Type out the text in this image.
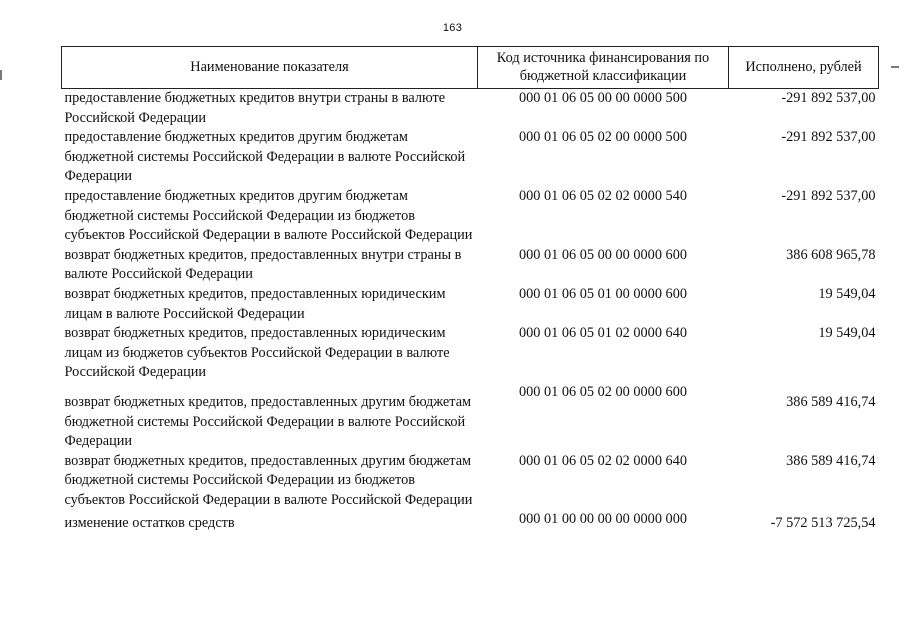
163
Наименование показателя	Код источника финансирования по бюджетной классификации	Исполнено, рублей
предоставление бюджетных кредитов внутри страны в валюте Российской Федерации	000 01 06 05 00 00 0000 500	-291 892 537,00
предоставление бюджетных кредитов другим бюджетам бюджетной системы Российской Федерации в валюте Российской Федерации	000 01 06 05 02 00 0000 500	-291 892 537,00
предоставление бюджетных кредитов другим бюджетам бюджетной системы Российской Федерации из бюджетов субъектов Российской Федерации в валюте Российской Федерации	000 01 06 05 02 02 0000 540	-291 892 537,00
возврат бюджетных кредитов, предоставленных внутри страны в валюте Российской Федерации	000 01 06 05 00 00 0000 600	386 608 965,78
возврат бюджетных кредитов, предоставленных юридическим лицам в валюте Российской Федерации	000 01 06 05 01 00 0000 600	19 549,04
возврат бюджетных кредитов, предоставленных юридическим лицам из бюджетов субъектов Российской Федерации в валюте Российской Федерации	000 01 06 05 01 02 0000 640	19 549,04
возврат бюджетных кредитов, предоставленных другим бюджетам бюджетной системы Российской Федерации в валюте Российской Федерации	000 01 06 05 02 00 0000 600	386 589 416,74
возврат бюджетных кредитов, предоставленных другим бюджетам бюджетной системы Российской Федерации из бюджетов субъектов Российской Федерации в валюте Российской Федерации	000 01 06 05 02 02 0000 640	386 589 416,74
изменение остатков средств	000 01 00 00 00 00 0000 000	-7 572 513 725,54
